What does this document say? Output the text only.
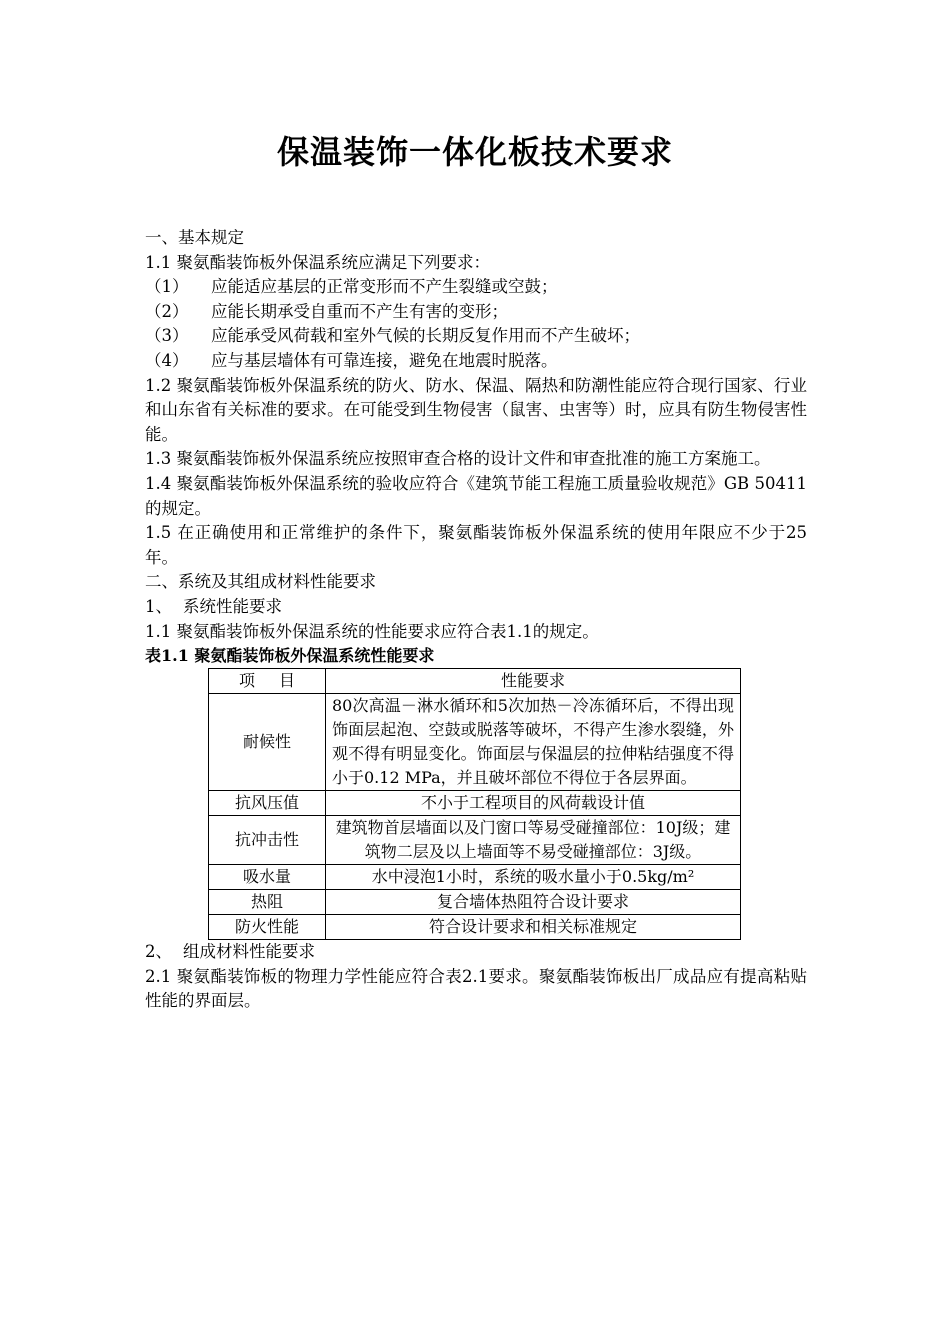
保温装饰一体化板技术要求

一、基本规定

1.1 聚氨酯装饰板外保温系统应满足下列要求：

（1）	应能适应基层的正常变形而不产生裂缝或空鼓；
（2）	应能长期承受自重而不产生有害的变形；
（3）	应能承受风荷载和室外气候的长期反复作用而不产生破坏；
（4）	应与基层墙体有可靠连接，避免在地震时脱落。

1.2 聚氨酯装饰板外保温系统的防火、防水、保温、隔热和防潮性能应符合现行国家、行业和山东省有关标准的要求。在可能受到生物侵害（鼠害、虫害等）时，应具有防生物侵害性能。

1.3 聚氨酯装饰板外保温系统应按照审查合格的设计文件和审查批准的施工方案施工。

1.4 聚氨酯装饰板外保温系统的验收应符合《建筑节能工程施工质量验收规范》GB 50411的规定。

1.5 在正确使用和正常维护的条件下，聚氨酯装饰板外保温系统的使用年限应不少于25年。

二、系统及其组成材料性能要求

1、 系统性能要求

1.1 聚氨酯装饰板外保温系统的性能要求应符合表1.1的规定。

表1.1 聚氨酯装饰板外保温系统性能要求

项 目	性能要求
耐候性	80次高温－淋水循环和5次加热－冷冻循环后，不得出现饰面层起泡、空鼓或脱落等破坏，不得产生渗水裂缝，外观不得有明显变化。饰面层与保温层的拉伸粘结强度不得小于0.12 MPa，并且破坏部位不得位于各层界面。
抗风压值	不小于工程项目的风荷载设计值
抗冲击性	建筑物首层墙面以及门窗口等易受碰撞部位：10J级；建筑物二层及以上墙面等不易受碰撞部位：3J级。
吸水量	水中浸泡1小时，系统的吸水量小于0.5kg/m²
热阻	复合墙体热阻符合设计要求
防火性能	符合设计要求和相关标准规定

2、 组成材料性能要求

2.1 聚氨酯装饰板的物理力学性能应符合表2.1要求。聚氨酯装饰板出厂成品应有提高粘贴性能的界面层。
